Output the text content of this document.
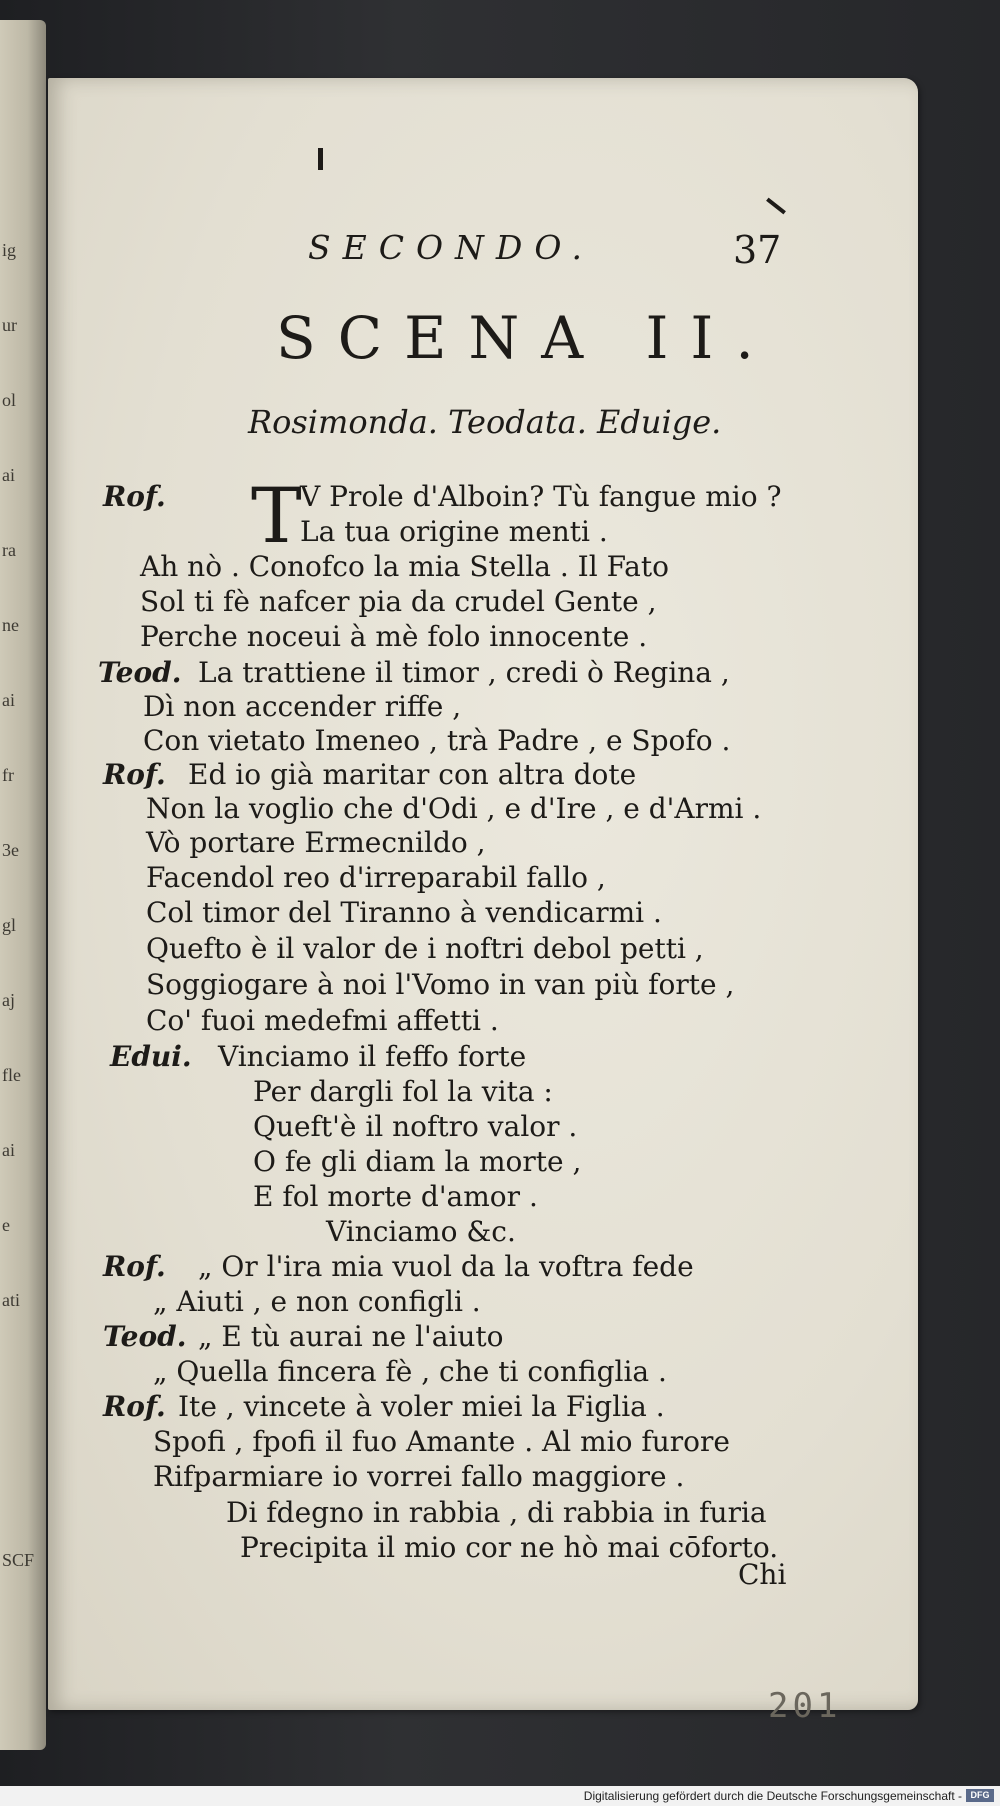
ig
ur
ol
ai
ra
ne
ai
fr
3e
gl
aj
fle
ai
e
ati
SCF
SECONDO.	37
SCENA II.
Rosimonda. Teodata. Eduige.
T
Rof.
Teod.
Rof.
Edui.
Rof.
Teod.
Rof.
V Prole d'Alboin? Tù fangue mio ?
La tua origine menti .
Ah nò . Conofco la mia Stella . Il Fato
Sol ti fè nafcer pia da crudel Gente ,
Perche noceui à mè folo innocente .
La trattiene il timor , credi ò Regina ,
Dì non accender riffe ,
Con vietato Imeneo , trà Padre , e Spofo .
Ed io già maritar con altra dote
Non la voglio che d'Odi , e d'Ire , e d'Armi .
Vò portare Ermecnildo ,
Facendol reo d'irreparabil fallo ,
Col timor del Tiranno à vendicarmi .
Quefto è il valor de i noftri debol petti ,
Soggiogare à noi l'Vomo in van più forte ,
Co' fuoi medefmi affetti .
Vinciamo il feffo forte
Per dargli fol la vita :
Queft'è il noftro valor .
O fe gli diam la morte ,
E fol morte d'amor .
Vinciamo &c.
„ Or l'ira mia vuol da la voftra fede
„ Aiuti , e non configli .
„ E tù aurai ne l'aiuto
„ Quella fincera fè , che ti configlia .
Ite , vincete à voler miei la Figlia .
Spofi , fpofi il fuo Amante . Al mio furore
Rifparmiare io vorrei fallo maggiore .
Di fdegno in rabbia , di rabbia in furia
Precipita il mio cor ne hò mai cōforto.
Chi
201
Digitalisierung gefördert durch die Deutsche Forschungsgemeinschaft - DFG
